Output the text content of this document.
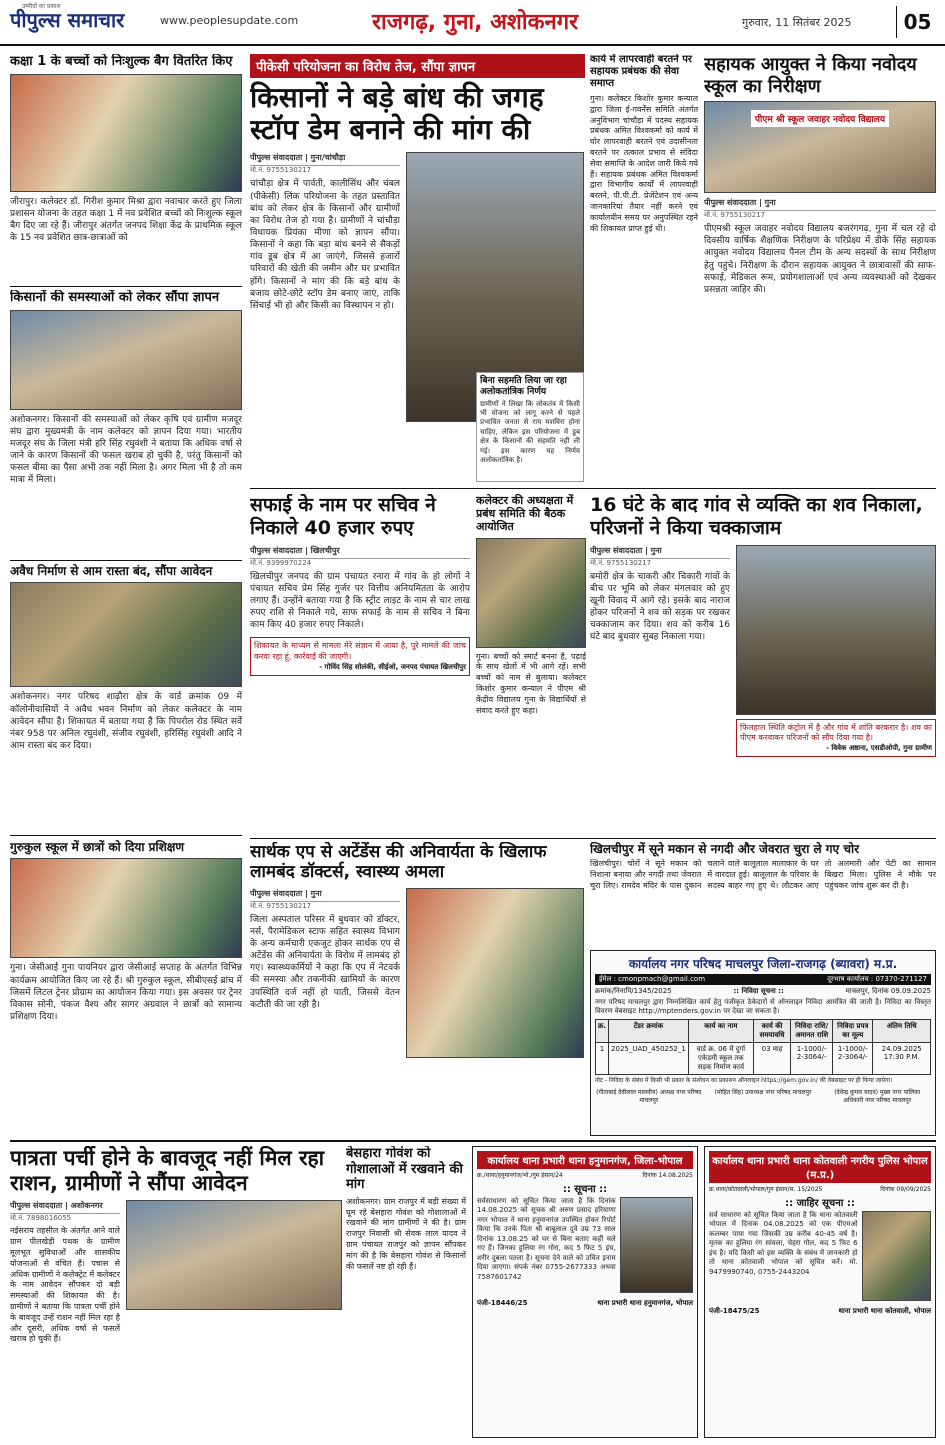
उम्मीदों का प्रकाश
पीपुल्स समाचार	www.peoplesupdate.com	राजगढ़, गुना, अशोकनगर	गुरुवार, 11 सितंबर 2025	05
कक्षा 1 के बच्चों को निःशुल्क बैग वितरित किए
जीरापुर। कलेक्टर डॉ. गिरीश कुमार मिश्रा द्वारा नवाचार करते हुए जिला प्रशासन योजना के तहत कक्षा 1 में नव प्रवेशित बच्चों को निःशुल्क स्कूल बैग दिए जा रहे हैं। जीरापुर अंतर्गत जनपद शिक्षा केंद्र के प्राथमिक स्कूल के 15 नव प्रवेशित छात्र-छात्राओं को
किसानों की समस्याओं को लेकर सौंपा ज्ञापन
अशोकनगर। किसानों की समस्याओं को लेकर कृषि एवं ग्रामीण मजदूर संघ द्वारा मुख्यमंत्री के नाम कलेक्टर को ज्ञापन दिया गया। भारतीय मजदूर संघ के जिला मंत्री हरि सिंह रघुवंशी ने बताया कि अधिक वर्षा से जाने के कारण किसानों की फसल खराब हो चुकी है, परंतु किसानों को फसल बीमा का पैसा अभी तक नहीं मिला है। अगर मिला भी है तो कम मात्रा में मिला।
अवैध निर्माण से आम रास्ता बंद, सौंपा आवेदन
अशोकनगर। नगर परिषद शाढ़ौरा क्षेत्र के वार्ड क्रमांक 09 में कॉलोनीवासियों ने अवैध भवन निर्माण को लेकर कलेक्टर के नाम आवेदन सौंपा है। शिकायत में बताया गया है कि पिपरोल रोड स्थित सर्वे नंबर 958 पर अनिल रघुवंशी, संजीव रघुवंशी, हरिसिंह रघुवंशी आदि ने आम रास्ता बंद कर दिया।
गुरुकुल स्कूल में छात्रों को दिया प्रशिक्षण
गुना। जेसीआई गुना पायनियर द्वारा जेसीआई सप्ताह के अंतर्गत विभिन्न कार्यक्रम आयोजित किए जा रहे हैं। श्री गुरुकुल स्कूल, सीबीएसई ब्रांच में जिसमें लिटल ट्रेनर प्रोग्राम का आयोजन किया गया। इस अवसर पर ट्रेनर विकास सोनी, पंकज वैश्य और सागर अग्रवाल ने छात्रों को सामान्य प्रशिक्षण दिया।
पीकेसी परियोजना का विरोध तेज, सौंपा ज्ञापन
किसानों ने बड़े बांध की जगह स्टॉप डेम बनाने की मांग की
पीपुल्स संवाददाता | गुना/चांचौड़ा
मो.नं. 9755130217
चांचौड़ा क्षेत्र में पार्वती, कालीसिंध और चंबल (पीकेसी) लिंक परियोजना के तहत प्रस्तावित बांध को लेकर क्षेत्र के किसानों और ग्रामीणों का विरोध तेज हो गया है। ग्रामीणों ने चांचौड़ा विधायक प्रियंका मीणा को ज्ञापन सौंपा। किसानों ने कहा कि बड़ा बांध बनने से सैकड़ों गांव डूब क्षेत्र में आ जाएंगे, जिससे हजारों परिवारों की खेती की जमीन और घर प्रभावित होंगे। किसानों ने मांग की कि बड़े बांध के बजाय छोटे-छोटे स्टॉप डेम बनाए जाएं, ताकि सिंचाई भी हो और किसी का विस्थापन न हो।
कार्य में लापरवाही बरतने पर सहायक प्रबंधक की सेवा समाप्त
गुना। कलेक्टर किशोर कुमार कन्याल द्वारा जिला ई-गवर्नेंस समिति अंतर्गत अनुविभाग चांचौड़ा में पदस्थ सहायक प्रबंधक अमित विश्वकर्मा को कार्य में घोर लापरवाही बरतने एवं उदासीनता बरतने पर तत्काल प्रभाव से संविदा सेवा समाप्ति के आदेश जारी किये गये हैं। सहायक प्रबंधक अमित विश्वकर्मा द्वारा विभागीय कार्यों में लापरवाही बरतने, पी.पी.टी. प्रेजेंटेशन एवं अन्य जानकारियां तैयार नहीं करने एवं कार्यालयीन समय पर अनुपस्थित रहने की शिकायत प्राप्त हुई थी।
बिना सहमति लिया जा रहा अलोकतांत्रिक निर्णय
ग्रामीणों ने लिखा कि लोकतंत्र में किसी भी योजना को लागू करने से पहले प्रभावित जनता से राय मशविरा होना चाहिए, लेकिन इस परियोजना में डूब क्षेत्र के किसानों की सहमति नहीं ली गई। इस कारण यह निर्णय अलोकतांत्रिक है।
सहायक आयुक्त ने किया नवोदय स्कूल का निरीक्षण
पीएम श्री स्कूल जवाहर नवोदय विद्यालय
पीपुल्स संवाददाता | गुना
मो.नं. 9755130217
पीएमश्री स्कूल जवाहर नवोदय विद्यालय बजरंगगढ़, गुना में चल रहे दो दिवसीय वार्षिक शैक्षणिक निरीक्षण के परिप्रेक्ष्य में डीके सिंह सहायक आयुक्त नवोदय विद्यालय पैनल टीम के अन्य सदस्यों के साथ निरीक्षण हेतु पहुंचे। निरीक्षण के दौरान सहायक आयुक्त ने छात्रावासों की साफ-सफाई, मेडिकल रूम, प्रयोगशालाओं एवं अन्य व्यवस्थाओं को देखकर प्रसन्नता जाहिर की।
सफाई के नाम पर सचिव ने निकाले 40 हजार रुपए
पीपुल्स संवाददाता | खिलचीपुर
मो.नं. 9399970224
खिलचीपुर जनपद की ग्राम पंचायत रनारा में गांव के हो लोगों ने पंचायत सचिव प्रेम सिंह गुर्जर पर वित्तीय अनियमितता के आरोप लगाए हैं। उन्होंने बताया गया है कि स्ट्रीट लाइट के नाम से चार लाख रुपए राशि से निकाले गये, साफ सफाई के नाम से सचिव ने बिना काम किए 40 हजार रुपए निकाले।
शिकायत के माध्यम से मामला मेरे संज्ञान में आया है, पूरे मामले की जांच करवा रहा हूं, कार्रवाई की जाएगी।
- गोविंद सिंह सोलंकी, सीईओ, जनपद पंचायत खिलचीपुर
कलेक्टर की अध्यक्षता में प्रबंध समिति की बैठक आयोजित
गुना। बच्चों को स्मार्ट बनना है, पढ़ाई के साथ खेलों में भी आगे रहें। सभी बच्चों को नाम से बुलाया। कलेक्टर किशोर कुमार कन्याल ने पीएम श्री केंद्रीय विद्यालय गुना के विद्यार्थियों से संवाद करते हुए कहा।
16 घंटे के बाद गांव से व्यक्ति का शव निकाला, परिजनों ने किया चक्काजाम
पीपुल्स संवाददाता | गुना
मो.नं. 9755130217
बमोरी क्षेत्र के चाकरी और चिकारी गांवों के बीच पर भूमि को लेकर मंगलवार को हुए खूनी विवाद में आगे रहे। इसके बाद नाराज होकर परिजनों ने शव को सड़क पर रखकर चक्काजाम कर दिया। शव को करीब 16 घंटे बाद बुधवार सुबह निकाला गया।
फिलहाल स्थिति कंट्रोल में है और गांव में शांति बरकरार है। शव का पीएम करवाकर परिजनों को सौंप दिया गया है।
- विवेक अष्ठाना, एसडीओपी, गुना ग्रामीण
सार्थक एप से अटेंडेंस की अनिवार्यता के खिलाफ लामबंद डॉक्टर्स, स्वास्थ्य अमला
पीपुल्स संवाददाता | गुना
मो.नं. 9755130217
जिला अस्पताल परिसर में बुधवार को डॉक्टर, नर्स, पैरामेडिकल स्टाफ सहित स्वास्थ्य विभाग के अन्य कर्मचारी एकजुट होकर सार्थक एप से अटेंडेंस की अनिवार्यता के विरोध में लामबंद हो गए। स्वास्थ्यकर्मियों ने कहा कि एप में नेटवर्क की समस्या और तकनीकी खामियों के कारण उपस्थिति दर्ज नहीं हो पाती, जिससे वेतन कटौती की जा रही है।
खिलचीपुर में सूने मकान से नगदी और जेवरात चुरा ले गए चोर
खिलचीपुर। चोरों ने सूने मकान को निशाना बनाया और नगदी तथा जेवरात चुरा लिए। रामदेव मंदिर के पास दुकान चलाने वाले बालूलाल मालाकार के घर में वारदात हुई। बालूलाल के परिवार के सदस्य बाहर गए हुए थे। लौटकर आए तो अलमारी और पेटी का सामान बिखरा मिला। पुलिस ने मौके पर पहुंचकर जांच शुरू कर दी है।
कार्यालय नगर परिषद माचलपुर जिला-राजगढ़ (ब्यावरा) म.प्र.
ईमेल : cmonpmach@gmail.com	दूरभाष कार्यालय : 07370-271127
क्रमांक/निनापि/1345/2025	:: निविदा सूचना ::	माचलपुर, दिनांक 09.09.2025
नगर परिषद माचलपुर द्वारा निम्नलिखित कार्य हेतु पंजीकृत ठेकेदारों से ऑनलाइन निविदा आमंत्रित की जाती है। निविदा का विस्तृत विवरण वेबसाइट http://mptenders.gov.in पर देखा जा सकता है।
क्र.	टेंडर क्रमांक	कार्य का नाम	कार्य की समयावधि	निविदा राशि/अमानत राशि	निविदा प्रपत्र का मूल्य	अंतिम तिथि
1	2025_UAD_450252_1	वार्ड क्र. 06 में दुर्गा एकेडमी स्कूल तक सड़क निर्माण कार्य	03 माह	1-1000/- 2-3064/-	1-1000/- 2-3064/-	24.09.2025 17:30 P.M.
नोट - निविदा के संबंध में किसी भी प्रकार के संशोधन का प्रकाशन ऑनलाइन https://gem.gov.in/ की वेबसाइट पर ही किया जायेगा।
(गीताबाई देवीलाल मालवीय) अध्यक्ष नगर परिषद माचलपुर
(मोहित सिंह) उपाध्यक्ष नगर परिषद माचलपुर	(देवेन्द्र कुमार यादव) मुख्य नगर पालिका अधिकारी नगर परिषद माचलपुर
पात्रता पर्ची होने के बावजूद नहीं मिल रहा राशन, ग्रामीणों ने सौंपा आवेदन
पीपुल्स संवाददाता | अशोकनगर
मो.नं. 7898016055
नईसराय तहसील के अंतर्गत आने वाले ग्राम पीलखेड़ी पथक के ग्रामीण मूलभूत सुविधाओं और शासकीय योजनाओं से वंचित हैं। पचास से अधिक ग्रामीणों ने कलेक्ट्रेट में कलेक्टर के नाम आवेदन सौंपकर दो बड़ी समस्याओं की शिकायत की है। ग्रामीणों ने बताया कि पात्रता पर्ची होने के बावजूद उन्हें राशन नहीं मिल रहा है और दूसरी, अधिक वर्षा से फसलें खराब हो चुकी हैं।
बेसहारा गोवंश को गोशालाओं में रखवाने की मांग
अशोकनगर। ग्राम राजपुर में बड़ी संख्या में घूम रहे बेसहारा गोवंश को गोशालाओं में रखवाने की मांग ग्रामीणों ने की है। ग्राम राजपुर निवासी श्री सेवक लाल यादव ने ग्राम पंचायत राजपुर को ज्ञापन सौंपकर मांग की है कि बेसहारा गोवंश से किसानों की फसलें नष्ट हो रही हैं।
कार्यालय थाना प्रभारी थाना हनुमानगंज, जिला-भोपाल
क्र./थाना/हनुमानगंज/भो./गुम इंसान/24	दिनांक 14.08.2025
:: सूचना ::
सर्वसाधारण को सूचित किया जाता है कि दिनांक 14.08.2025 को सूचक श्री अरुण प्रसाद हरियाणा नगर भोपाल ने थाना हनुमानगंज उपस्थित होकर रिपोर्ट किया कि उनके पिता श्री बाबूलाल दुवे उम्र 73 साल दिनांक 13.08.25 को घर से बिना बताए कहीं चले गए हैं। जिनका हुलिया रंग गोरा, कद 5 फिट 5 इंच, शरीर दुबला पतला है। सूचना देने वाले को उचित इनाम दिया जाएगा। संपर्क नंबर 0755-2677333 अथवा 7587601742
पंजी-18446/25	थाना प्रभारी थाना हनुमानगंज, भोपाल
कार्यालय थाना प्रभारी थाना कोतवाली नगरीय पुलिस भोपाल (म.प्र.)
क्र.थाना/कोतवाली/भोपाल/गुम इंसान/स. 15/2025	दिनांक 09/09/2025
:: जाहिर सूचना ::
सर्व साधारण को सूचित किया जाता है कि थाना कोतवाली भोपाल में दिनांक 04.08.2025 को एक पीएमओ कलम्बर पाया गया जिसकी उम्र करीब 40-45 वर्ष है। मृतक का हुलिया रंग सांवला, चेहरा गोल, कद 5 फिट 6 इंच है। यदि किसी को इस व्यक्ति के संबंध में जानकारी हो तो थाना कोतवाली भोपाल को सूचित करें। मो. 9479990740, 0755-2443204
पंजी-18475/25	थाना प्रभारी थाना कोतवाली, भोपाल
